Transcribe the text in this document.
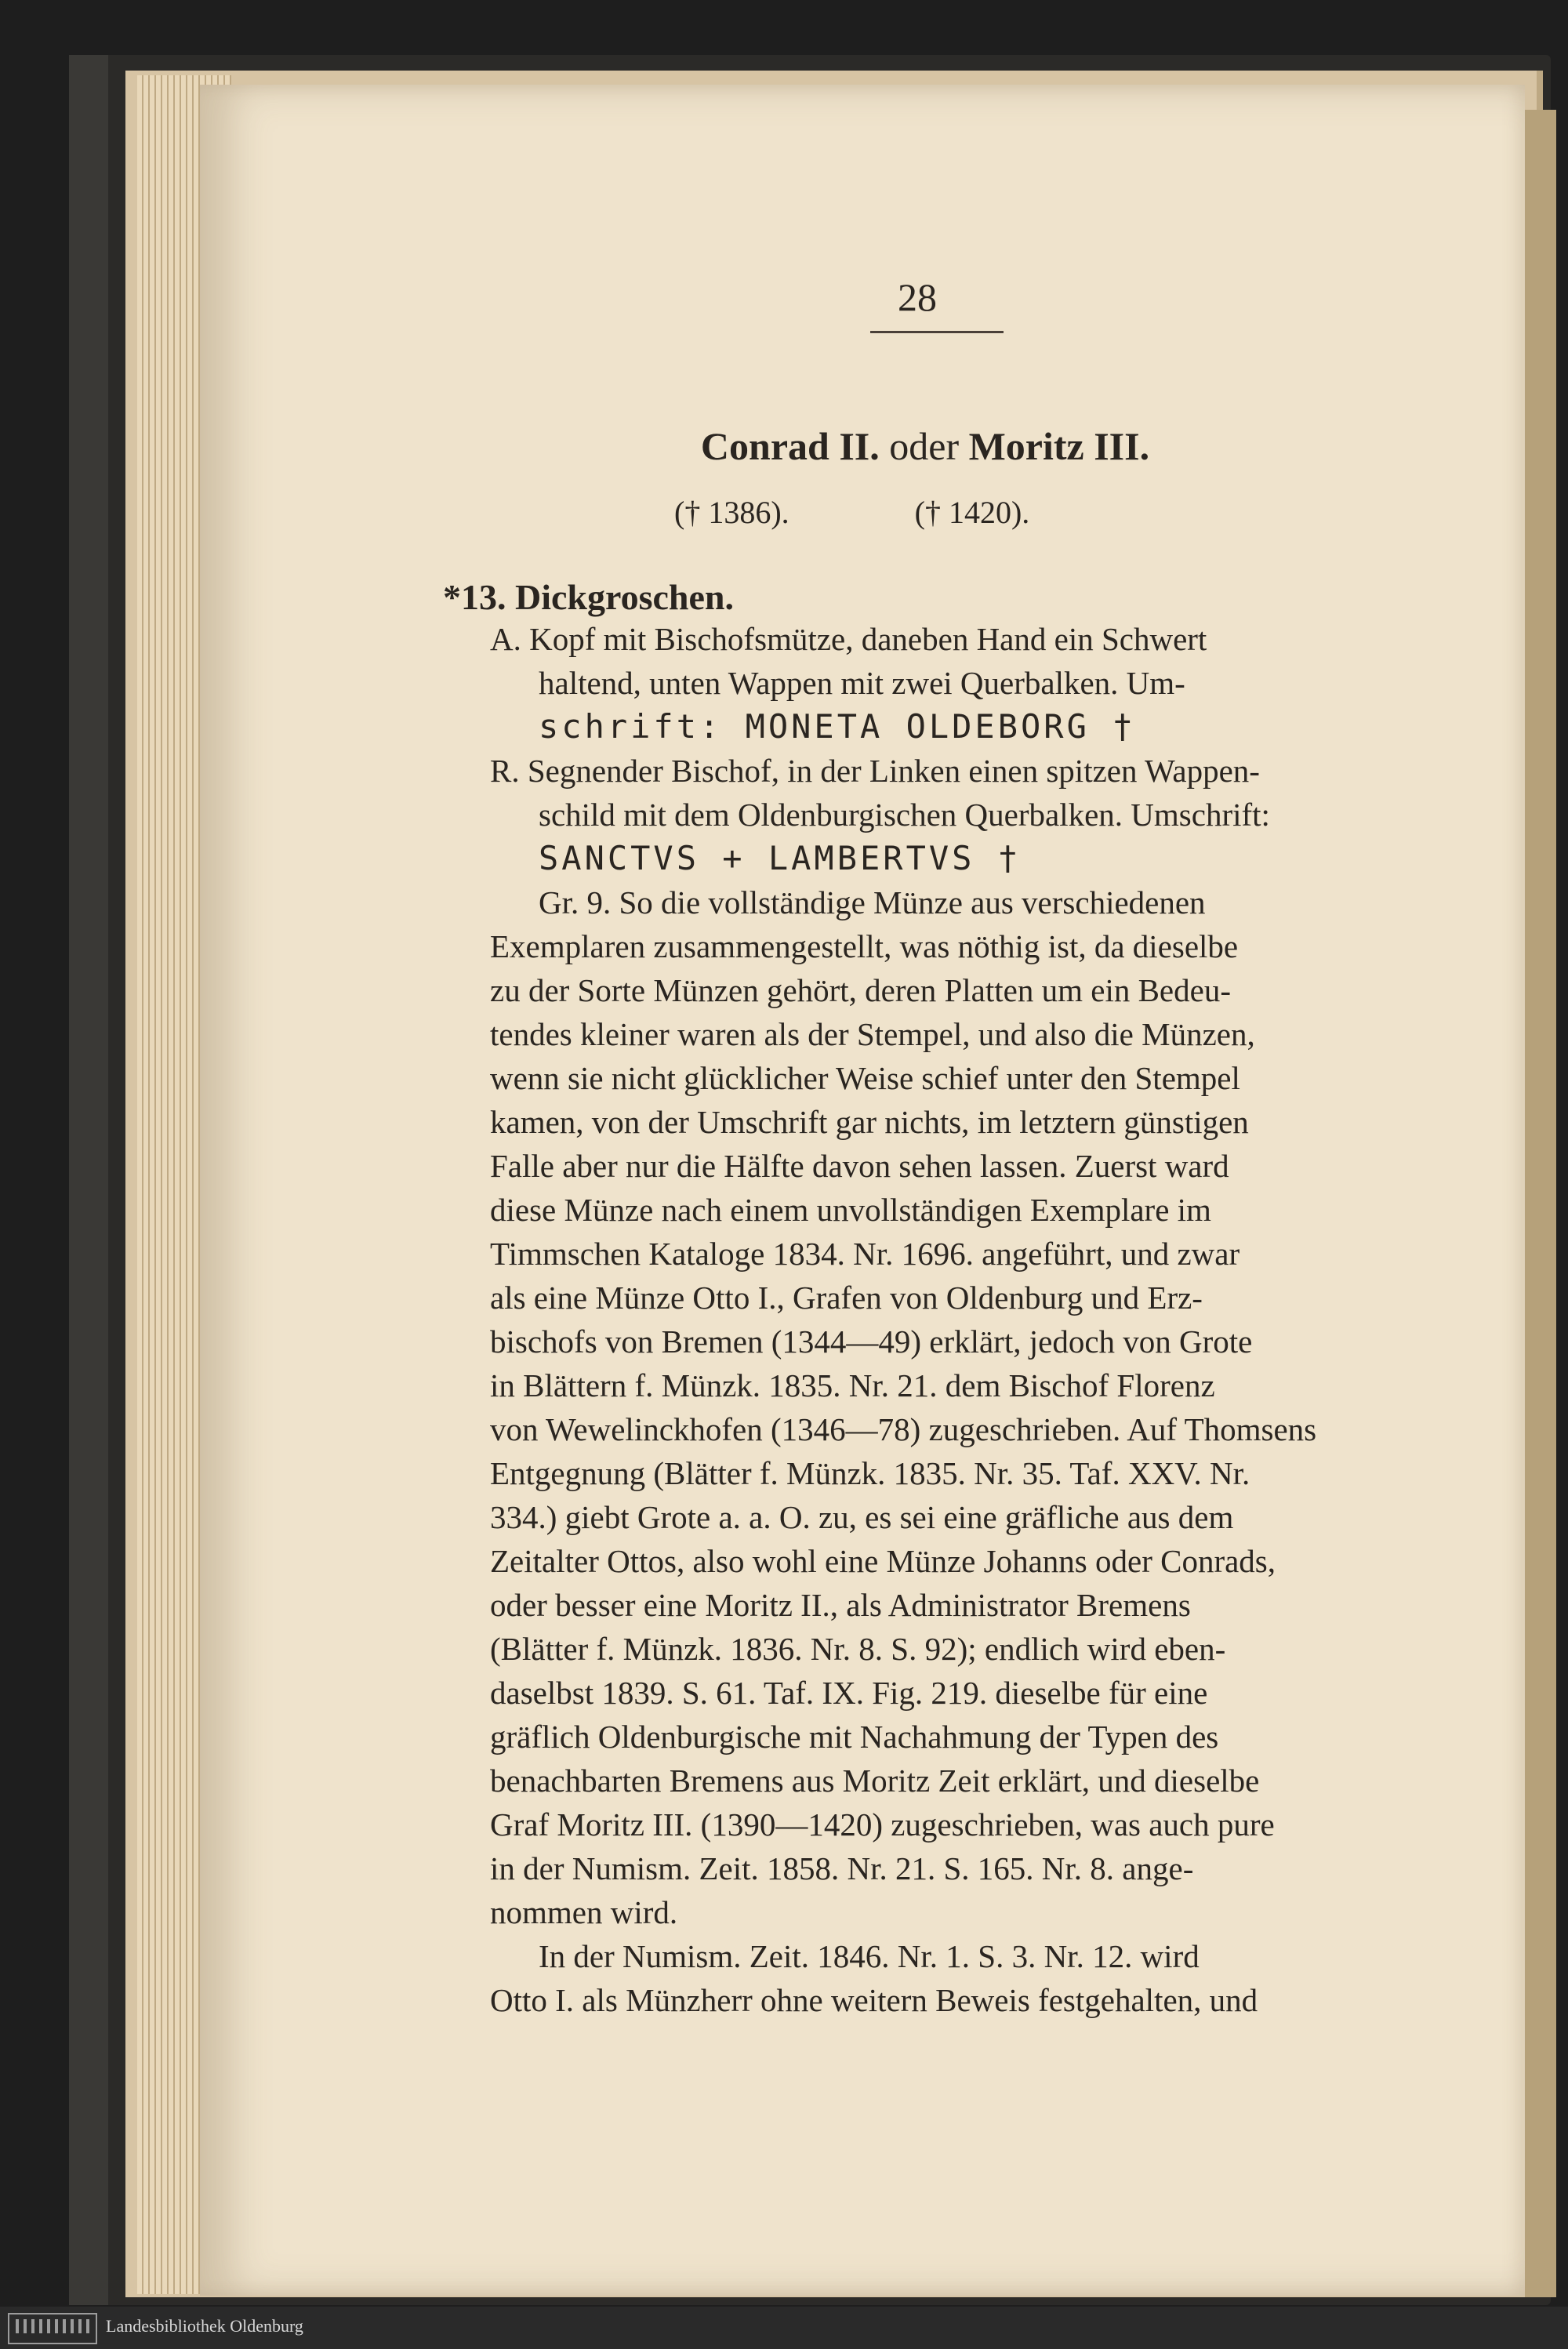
28
Conrad II. oder Moritz III.
(† 1386).	(† 1420).
*13. Dickgroschen.
A. Kopf mit Bischofsmütze, daneben Hand ein Schwert
haltend, unten Wappen mit zwei Querbalken. Um-
schrift: MONETA OLDEBORG †
R. Segnender Bischof, in der Linken einen spitzen Wappen-
schild mit dem Oldenburgischen Querbalken. Umschrift:
SANCTVS + LAMBERTVS †
Gr. 9. So die vollständige Münze aus verschiedenen
Exemplaren zusammengestellt, was nöthig ist, da dieselbe
zu der Sorte Münzen gehört, deren Platten um ein Bedeu-
tendes kleiner waren als der Stempel, und also die Münzen,
wenn sie nicht glücklicher Weise schief unter den Stempel
kamen, von der Umschrift gar nichts, im letztern günstigen
Falle aber nur die Hälfte davon sehen lassen. Zuerst ward
diese Münze nach einem unvollständigen Exemplare im
Timmschen Kataloge 1834. Nr. 1696. angeführt, und zwar
als eine Münze Otto I., Grafen von Oldenburg und Erz-
bischofs von Bremen (1344—49) erklärt, jedoch von Grote
in Blättern f. Münzk. 1835. Nr. 21. dem Bischof Florenz
von Wewelinckhofen (1346—78) zugeschrieben. Auf Thomsens
Entgegnung (Blätter f. Münzk. 1835. Nr. 35. Taf. XXV. Nr.
334.) giebt Grote a. a. O. zu, es sei eine gräfliche aus dem
Zeitalter Ottos, also wohl eine Münze Johanns oder Conrads,
oder besser eine Moritz II., als Administrator Bremens
(Blätter f. Münzk. 1836. Nr. 8. S. 92); endlich wird eben-
daselbst 1839. S. 61. Taf. IX. Fig. 219. dieselbe für eine
gräflich Oldenburgische mit Nachahmung der Typen des
benachbarten Bremens aus Moritz Zeit erklärt, und dieselbe
Graf Moritz III. (1390—1420) zugeschrieben, was auch pure
in der Numism. Zeit. 1858. Nr. 21. S. 165. Nr. 8. ange-
nommen wird.
In der Numism. Zeit. 1846. Nr. 1. S. 3. Nr. 12. wird
Otto I. als Münzherr ohne weitern Beweis festgehalten, und
Landesbibliothek Oldenburg
